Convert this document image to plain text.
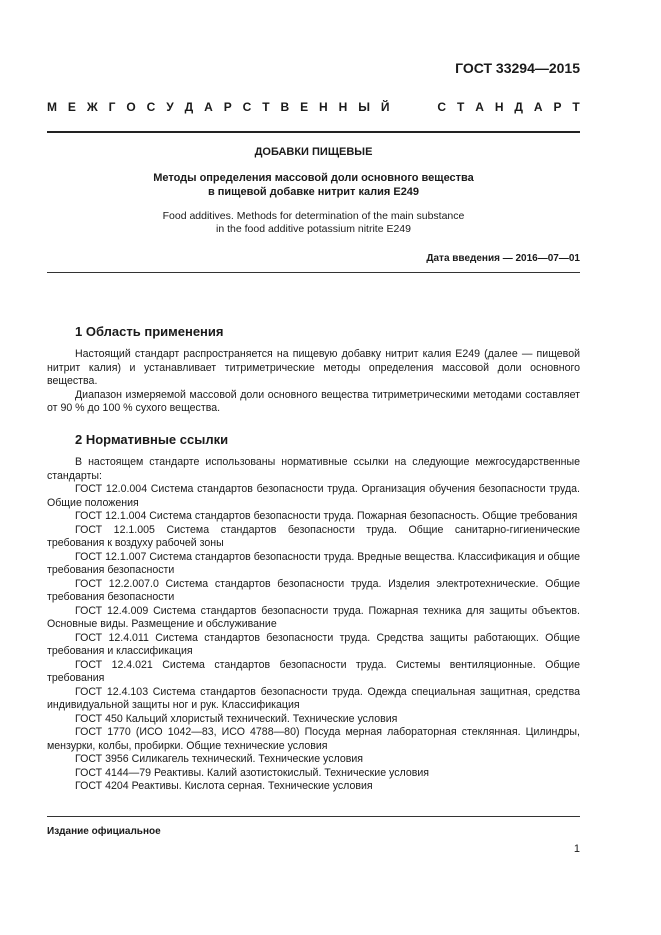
ГОСТ 33294—2015
М Е Ж Г О С У Д А Р С Т В Е Н Н Ы Й	С Т А Н Д А Р Т
ДОБАВКИ ПИЩЕВЫЕ
Методы определения массовой доли основного вещества
в пищевой добавке нитрит калия Е249
Food additives. Methods for determination of the main substance
in the food additive potassium nitrite E249
Дата введения — 2016—07—01
1 Область применения

Настоящий стандарт распространяется на пищевую добавку нитрит калия Е249 (далее — пищевой нитрит калия) и устанавливает титриметрические методы определения массовой доли основного вещества.

Диапазон измеряемой массовой доли основного вещества титриметрическими методами составляет от 90 % до 100 % сухого вещества.

2 Нормативные ссылки

В настоящем стандарте использованы нормативные ссылки на следующие межгосударственные стандарты:

ГОСТ 12.0.004 Система стандартов безопасности труда. Организация обучения безопасности труда. Общие положения

ГОСТ 12.1.004 Система стандартов безопасности труда. Пожарная безопасность. Общие требования

ГОСТ 12.1.005 Система стандартов безопасности труда. Общие санитарно-гигиенические требования к воздуху рабочей зоны

ГОСТ 12.1.007 Система стандартов безопасности труда. Вредные вещества. Классификация и общие требования безопасности

ГОСТ 12.2.007.0 Система стандартов безопасности труда. Изделия электротехнические. Общие требования безопасности

ГОСТ 12.4.009 Система стандартов безопасности труда. Пожарная техника для защиты объектов. Основные виды. Размещение и обслуживание

ГОСТ 12.4.011 Система стандартов безопасности труда. Средства защиты работающих. Общие требования и классификация

ГОСТ 12.4.021 Система стандартов безопасности труда. Системы вентиляционные. Общие требования

ГОСТ 12.4.103 Система стандартов безопасности труда. Одежда специальная защитная, средства индивидуальной защиты ног и рук. Классификация

ГОСТ 450 Кальций хлористый технический. Технические условия

ГОСТ 1770 (ИСО 1042—83, ИСО 4788—80) Посуда мерная лабораторная стеклянная. Цилиндры, мензурки, колбы, пробирки. Общие технические условия

ГОСТ 3956 Силикагель технический. Технические условия

ГОСТ 4144—79 Реактивы. Калий азотистокислый. Технические условия

ГОСТ 4204 Реактивы. Кислота серная. Технические условия

Издание официальное
1
